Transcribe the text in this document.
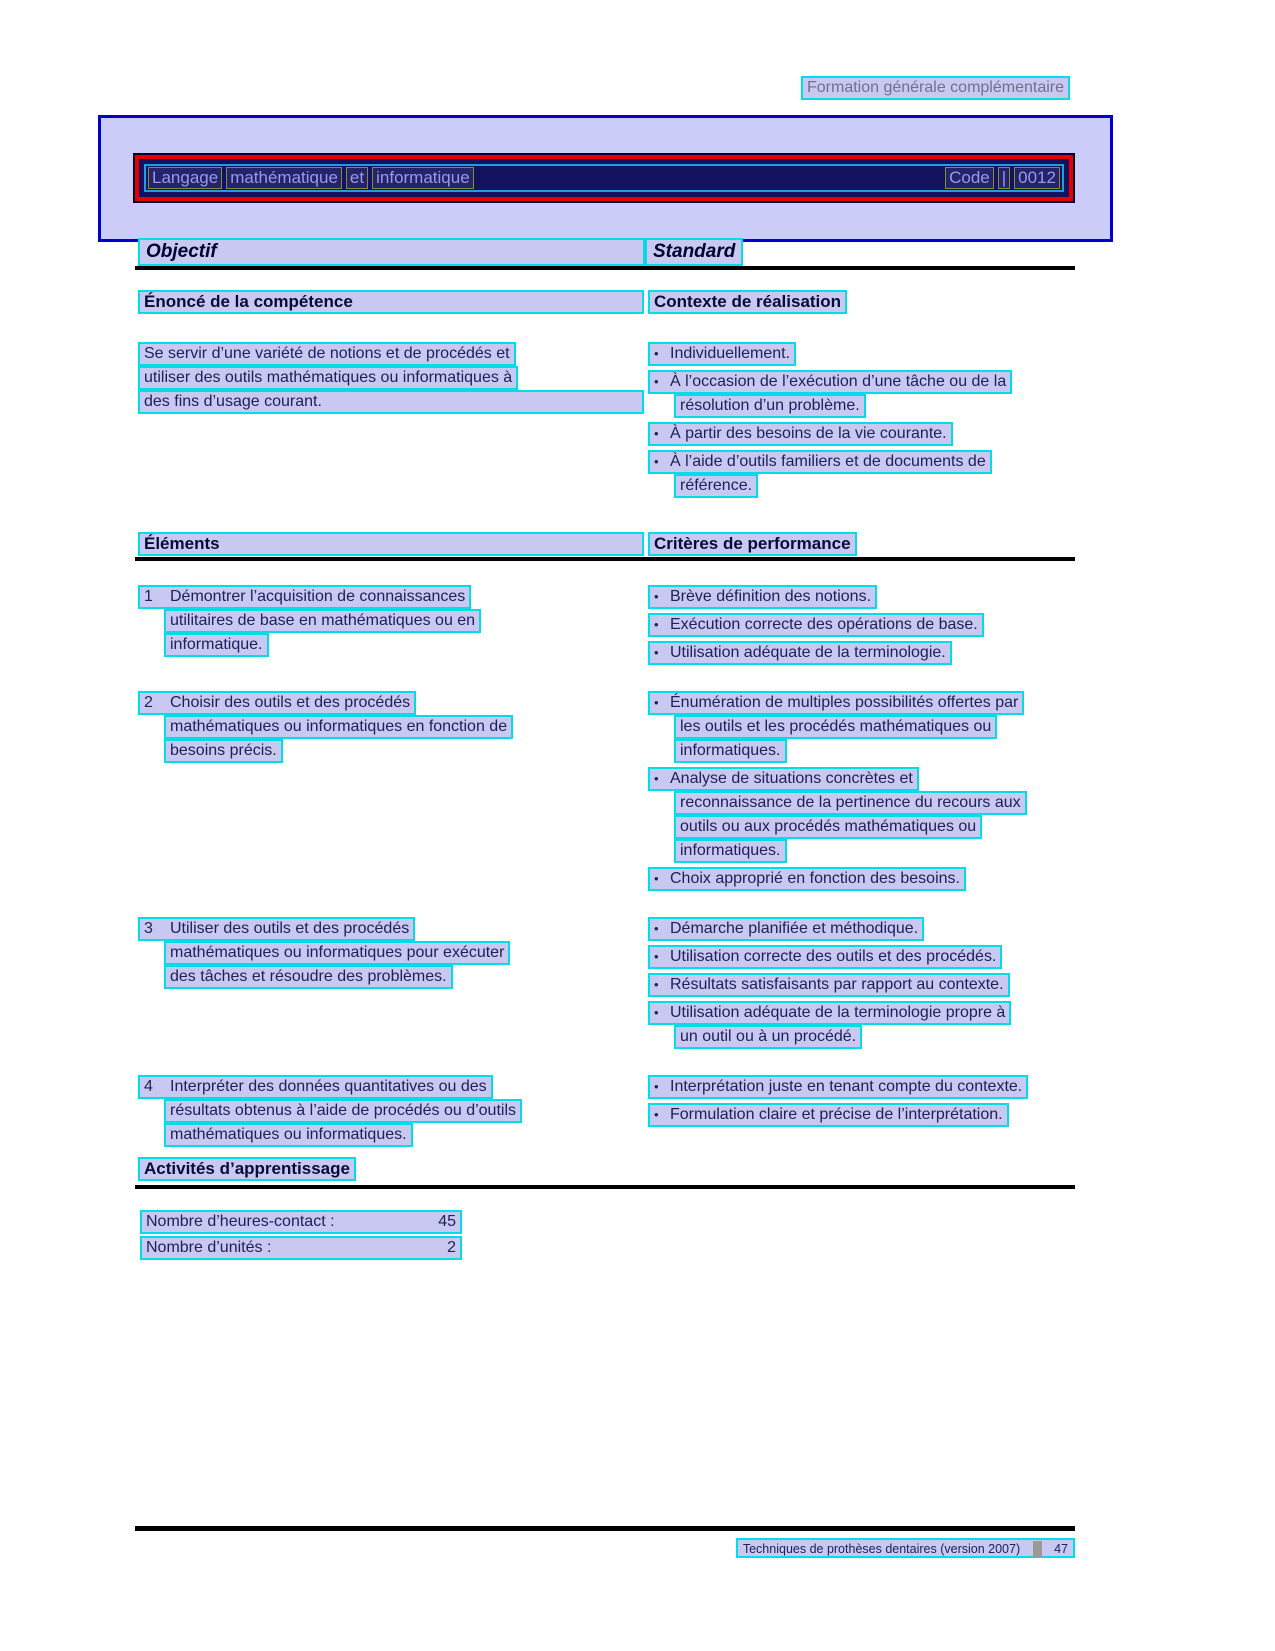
Formation générale complémentaire
Langage mathématique et informatique	Code | 0012
Objectif	Standard
Énoncé de la compétence	Contexte de réalisation
Se servir d’une variété de notions et de procédés et
utiliser des outils mathématiques ou informatiques à
des fins d’usage courant.
• Individuellement.
• À l’occasion de l’exécution d’une tâche ou de la
résolution d’un problème.
• À partir des besoins de la vie courante.
• À l’aide d’outils familiers et de documents de
référence.
Éléments	Critères de performance
1 Démontrer l’acquisition de connaissances
utilitaires de base en mathématiques ou en
informatique.
• Brève définition des notions.
• Exécution correcte des opérations de base.
• Utilisation adéquate de la terminologie.
2 Choisir des outils et des procédés
mathématiques ou informatiques en fonction de
besoins précis.
• Énumération de multiples possibilités offertes par
les outils et les procédés mathématiques ou
informatiques.
• Analyse de situations concrètes et
reconnaissance de la pertinence du recours aux
outils ou aux procédés mathématiques ou
informatiques.
• Choix approprié en fonction des besoins.
3 Utiliser des outils et des procédés
mathématiques ou informatiques pour exécuter
des tâches et résoudre des problèmes.
• Démarche planifiée et méthodique.
• Utilisation correcte des outils et des procédés.
• Résultats satisfaisants par rapport au contexte.
• Utilisation adéquate de la terminologie propre à
un outil ou à un procédé.
4 Interpréter des données quantitatives ou des
résultats obtenus à l’aide de procédés ou d’outils
mathématiques ou informatiques.
• Interprétation juste en tenant compte du contexte.
• Formulation claire et précise de l’interprétation.
Activités d’apprentissage
Nombre d’heures-contact :	45
Nombre d’unités :	2
Techniques de prothèses dentaires (version 2007)	47
